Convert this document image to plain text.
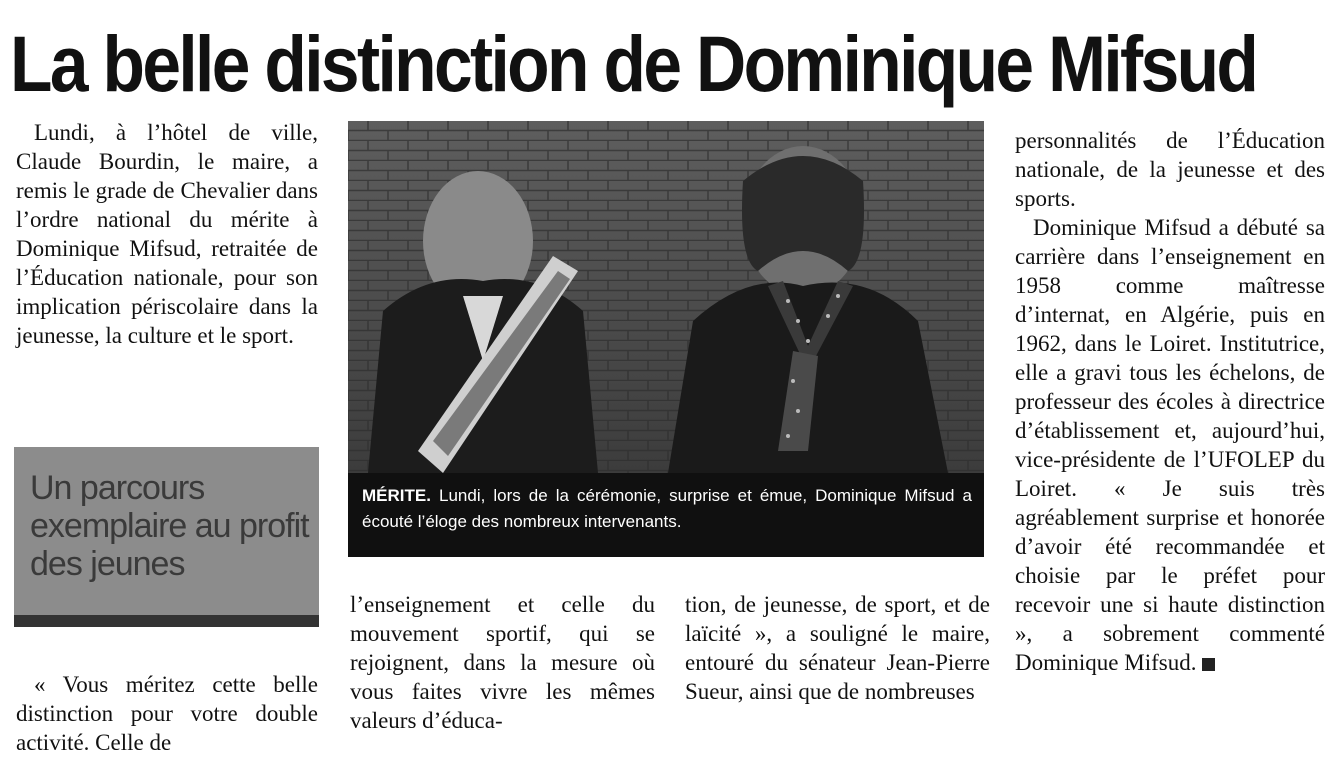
La belle distinction de Dominique Mifsud

Lundi, à l’hôtel de ville, Claude Bourdin, le maire, a remis le grade de Chevalier dans l’ordre national du mérite à Dominique Mifsud, retraitée de l’Éducation nationale, pour son implication périscolaire dans la jeunesse, la culture et le sport.

Un parcours exemplaire au profit des jeunes

« Vous méritez cette belle distinction pour votre double activité. Celle de

MÉRITE. Lundi, lors de la cérémonie, surprise et émue, Dominique Mifsud a écouté l’éloge des nombreux intervenants.

l’enseignement et celle du mouvement sportif, qui se rejoignent, dans la mesure où vous faites vivre les mêmes valeurs d’éduca-

tion, de jeunesse, de sport, et de laïcité », a souligné le maire, entouré du sénateur Jean-Pierre Sueur, ainsi que de nombreuses

personnalités de l’Éducation nationale, de la jeunesse et des sports.

Dominique Mifsud a débuté sa carrière dans l’enseignement en 1958 comme maîtresse d’internat, en Algérie, puis en 1962, dans le Loiret. Institutrice, elle a gravi tous les échelons, de professeur des écoles à directrice d’établissement et, aujourd’hui, vice-présidente de l’UFOLEP du Loiret. « Je suis très agréablement surprise et honorée d’avoir été recommandée et choisie par le préfet pour recevoir une si haute distinction », a sobrement commenté Dominique Mifsud.
